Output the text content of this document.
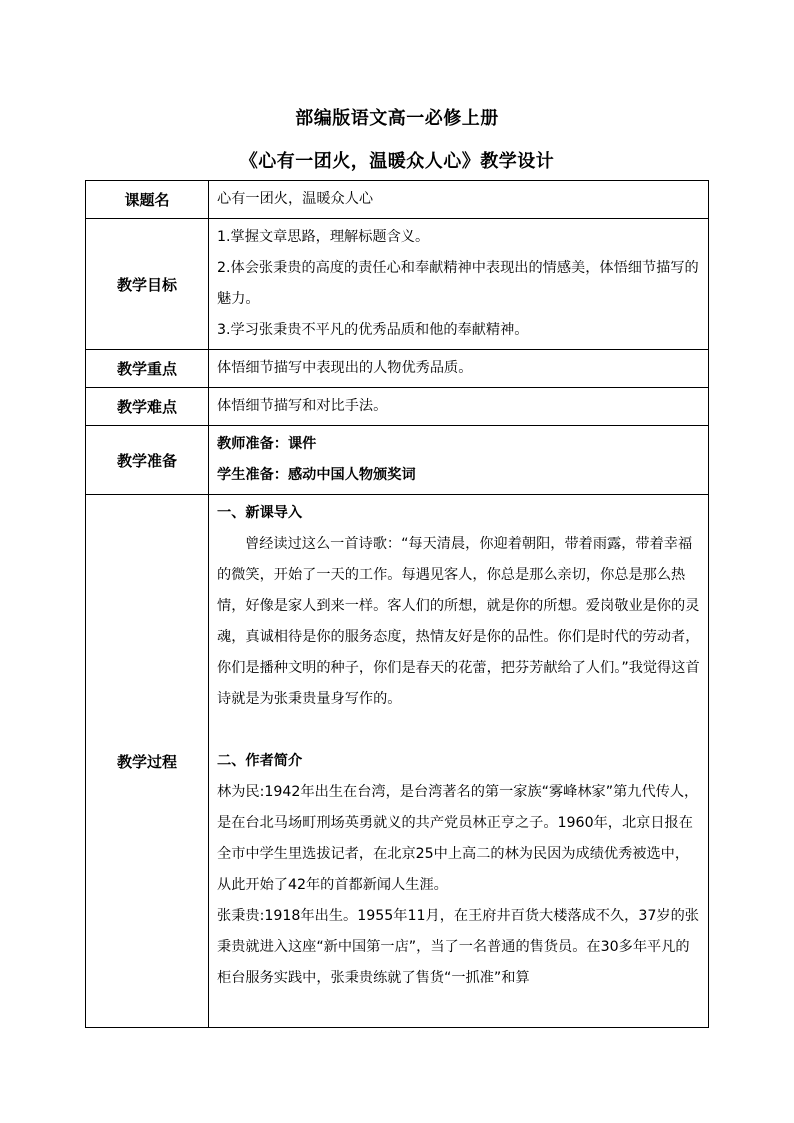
部编版语文高一必修上册
《心有一团火，温暖众人心》教学设计
课题名	心有一团火，温暖众人心

教学目标	1.掌握文章思路，理解标题含义。
2.体会张秉贵的高度的责任心和奉献精神中表现出的情感美，体悟细节描写的魅力。
3.学习张秉贵不平凡的优秀品质和他的奉献精神。

教学重点	体悟细节描写中表现出的人物优秀品质。

教学难点	体悟细节描写和对比手法。

教学准备	教师准备：课件
学生准备：感动中国人物颁奖词

教学过程	一、新课导入
曾经读过这么一首诗歌：“每天清晨，你迎着朝阳，带着雨露，带着幸福的微笑，开始了一天的工作。每遇见客人，你总是那么亲切，你总是那么热情，好像是家人到来一样。客人们的所想，就是你的所想。爱岗敬业是你的灵魂，真诚相待是你的服务态度，热情友好是你的品性。你们是时代的劳动者，你们是播种文明的种子，你们是春天的花蕾，把芬芳献给了人们。”我觉得这首诗就是为张秉贵量身写作的。
二、作者简介
林为民:1942年出生在台湾，是台湾著名的第一家族“雾峰林家”第九代传人，是在台北马场町刑场英勇就义的共产党员林正亨之子。1960年，北京日报在全市中学生里选拔记者，在北京25中上高二的林为民因为成绩优秀被选中，从此开始了42年的首都新闻人生涯。
张秉贵:1918年出生。1955年11月，在王府井百货大楼落成不久，37岁的张秉贵就进入这座“新中国第一店”，当了一名普通的售货员。在30多年平凡的柜台服务实践中，张秉贵练就了售货“一抓准”和算
